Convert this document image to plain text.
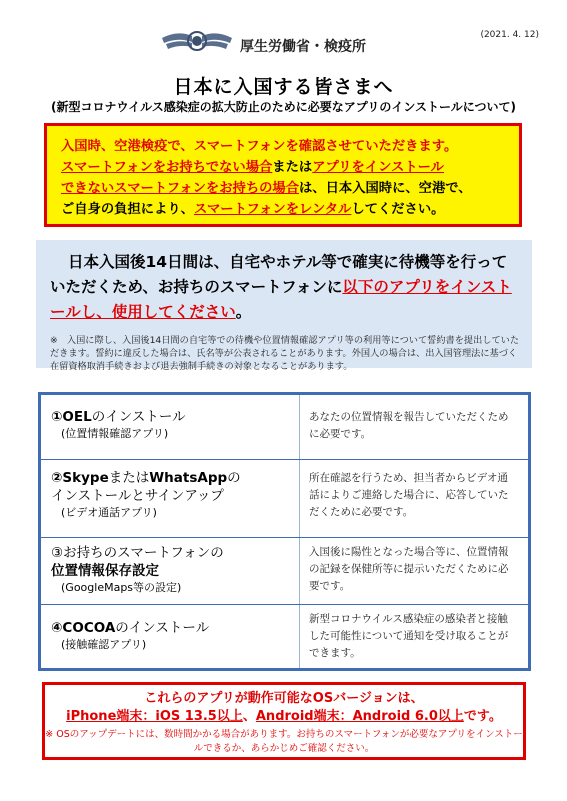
厚生労働省・検疫所
(2021. 4. 12)
日本に入国する皆さまへ
(新型コロナウイルス感染症の拡大防止のために必要なアプリのインストールについて)
入国時、空港検疫で、スマートフォンを確認させていただきます。
スマートフォンをお持ちでない場合またはアプリをインストール
できないスマートフォンをお持ちの場合は、日本入国時に、空港で、
ご自身の負担により、スマートフォンをレンタルしてください。
日本入国後14日間は、自宅やホテル等で確実に待機等を行っていただくため、お持ちのスマートフォンに以下のアプリをインストールし、使用してください。
※　入国に際し、入国後14日間の自宅等での待機や位置情報確認アプリ等の利用等について誓約書を提出していただきます。誓約に違反した場合は、氏名等が公表されることがあります。外国人の場合は、出入国管理法に基づく在留資格取消手続きおよび退去強制手続きの対象となることがあります。
①OELのインストール
(位置情報確認アプリ)
あなたの位置情報を報告していただくために必要です。
②SkypeまたはWhatsAppの
インストールとサインアップ
(ビデオ通話アプリ)
所在確認を行うため、担当者からビデオ通話によりご連絡した場合に、応答していただくために必要です。
③お持ちのスマートフォンの
位置情報保存設定
(GoogleMaps等の設定)
入国後に陽性となった場合等に、位置情報の記録を保健所等に提示いただくために必要です。
④COCOAのインストール
(接触確認アプリ)
新型コロナウイルス感染症の感染者と接触した可能性について通知を受け取ることができます。
これらのアプリが動作可能なOSバージョンは、
iPhone端末：iOS 13.5以上、Android端末：Android 6.0以上です。
※ OSのアップデートには、数時間かかる場合があります。お持ちのスマートフォンが必要なアプリをインストールできるか、あらかじめご確認ください。
